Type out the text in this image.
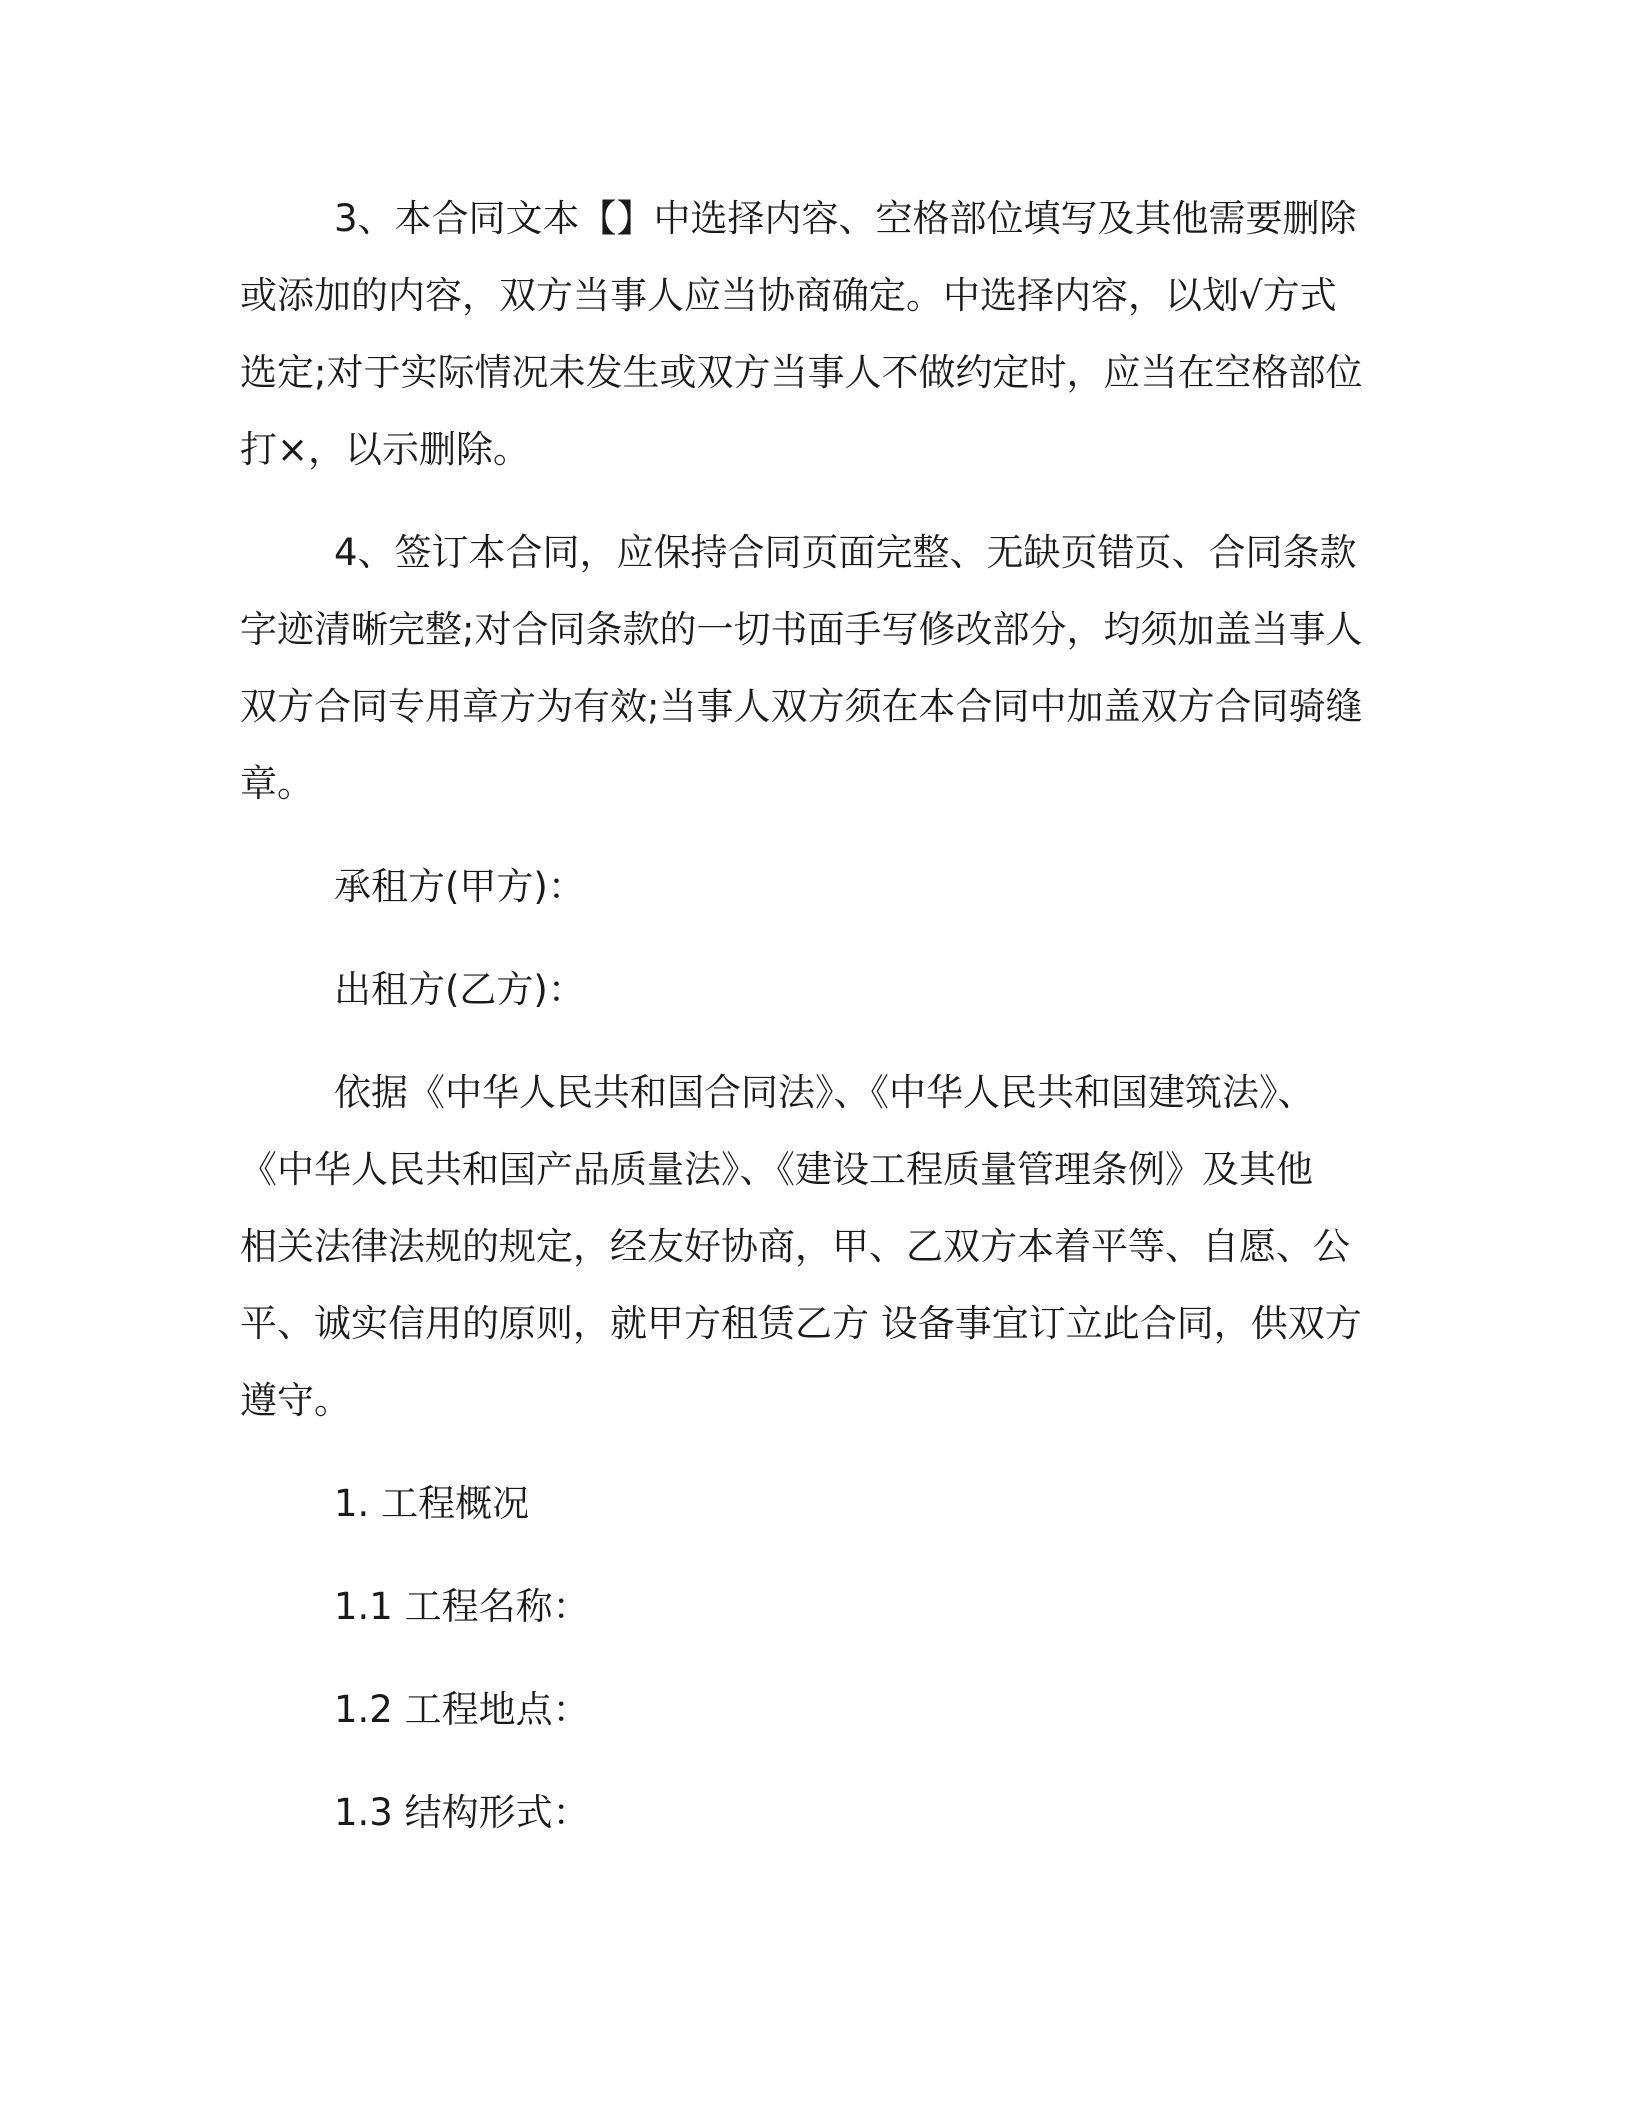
3、本合同文本【】中选择内容、空格部位填写及其他需要删除
或添加的内容，双方当事人应当协商确定。中选择内容，以划√方式
选定;对于实际情况未发生或双方当事人不做约定时，应当在空格部位
打×，以示删除。

4、签订本合同，应保持合同页面完整、无缺页错页、合同条款
字迹清晰完整;对合同条款的一切书面手写修改部分，均须加盖当事人
双方合同专用章方为有效;当事人双方须在本合同中加盖双方合同骑缝
章。

承租方(甲方)：

出租方(乙方)：

依据《中华人民共和国合同法》、《中华人民共和国建筑法》、
《中华人民共和国产品质量法》、《建设工程质量管理条例》及其他
相关法律法规的规定，经友好协商，甲、乙双方本着平等、自愿、公
平、诚实信用的原则，就甲方租赁乙方 设备事宜订立此合同，供双方
遵守。

1. 工程概况

1.1 工程名称：

1.2 工程地点：

1.3 结构形式：
